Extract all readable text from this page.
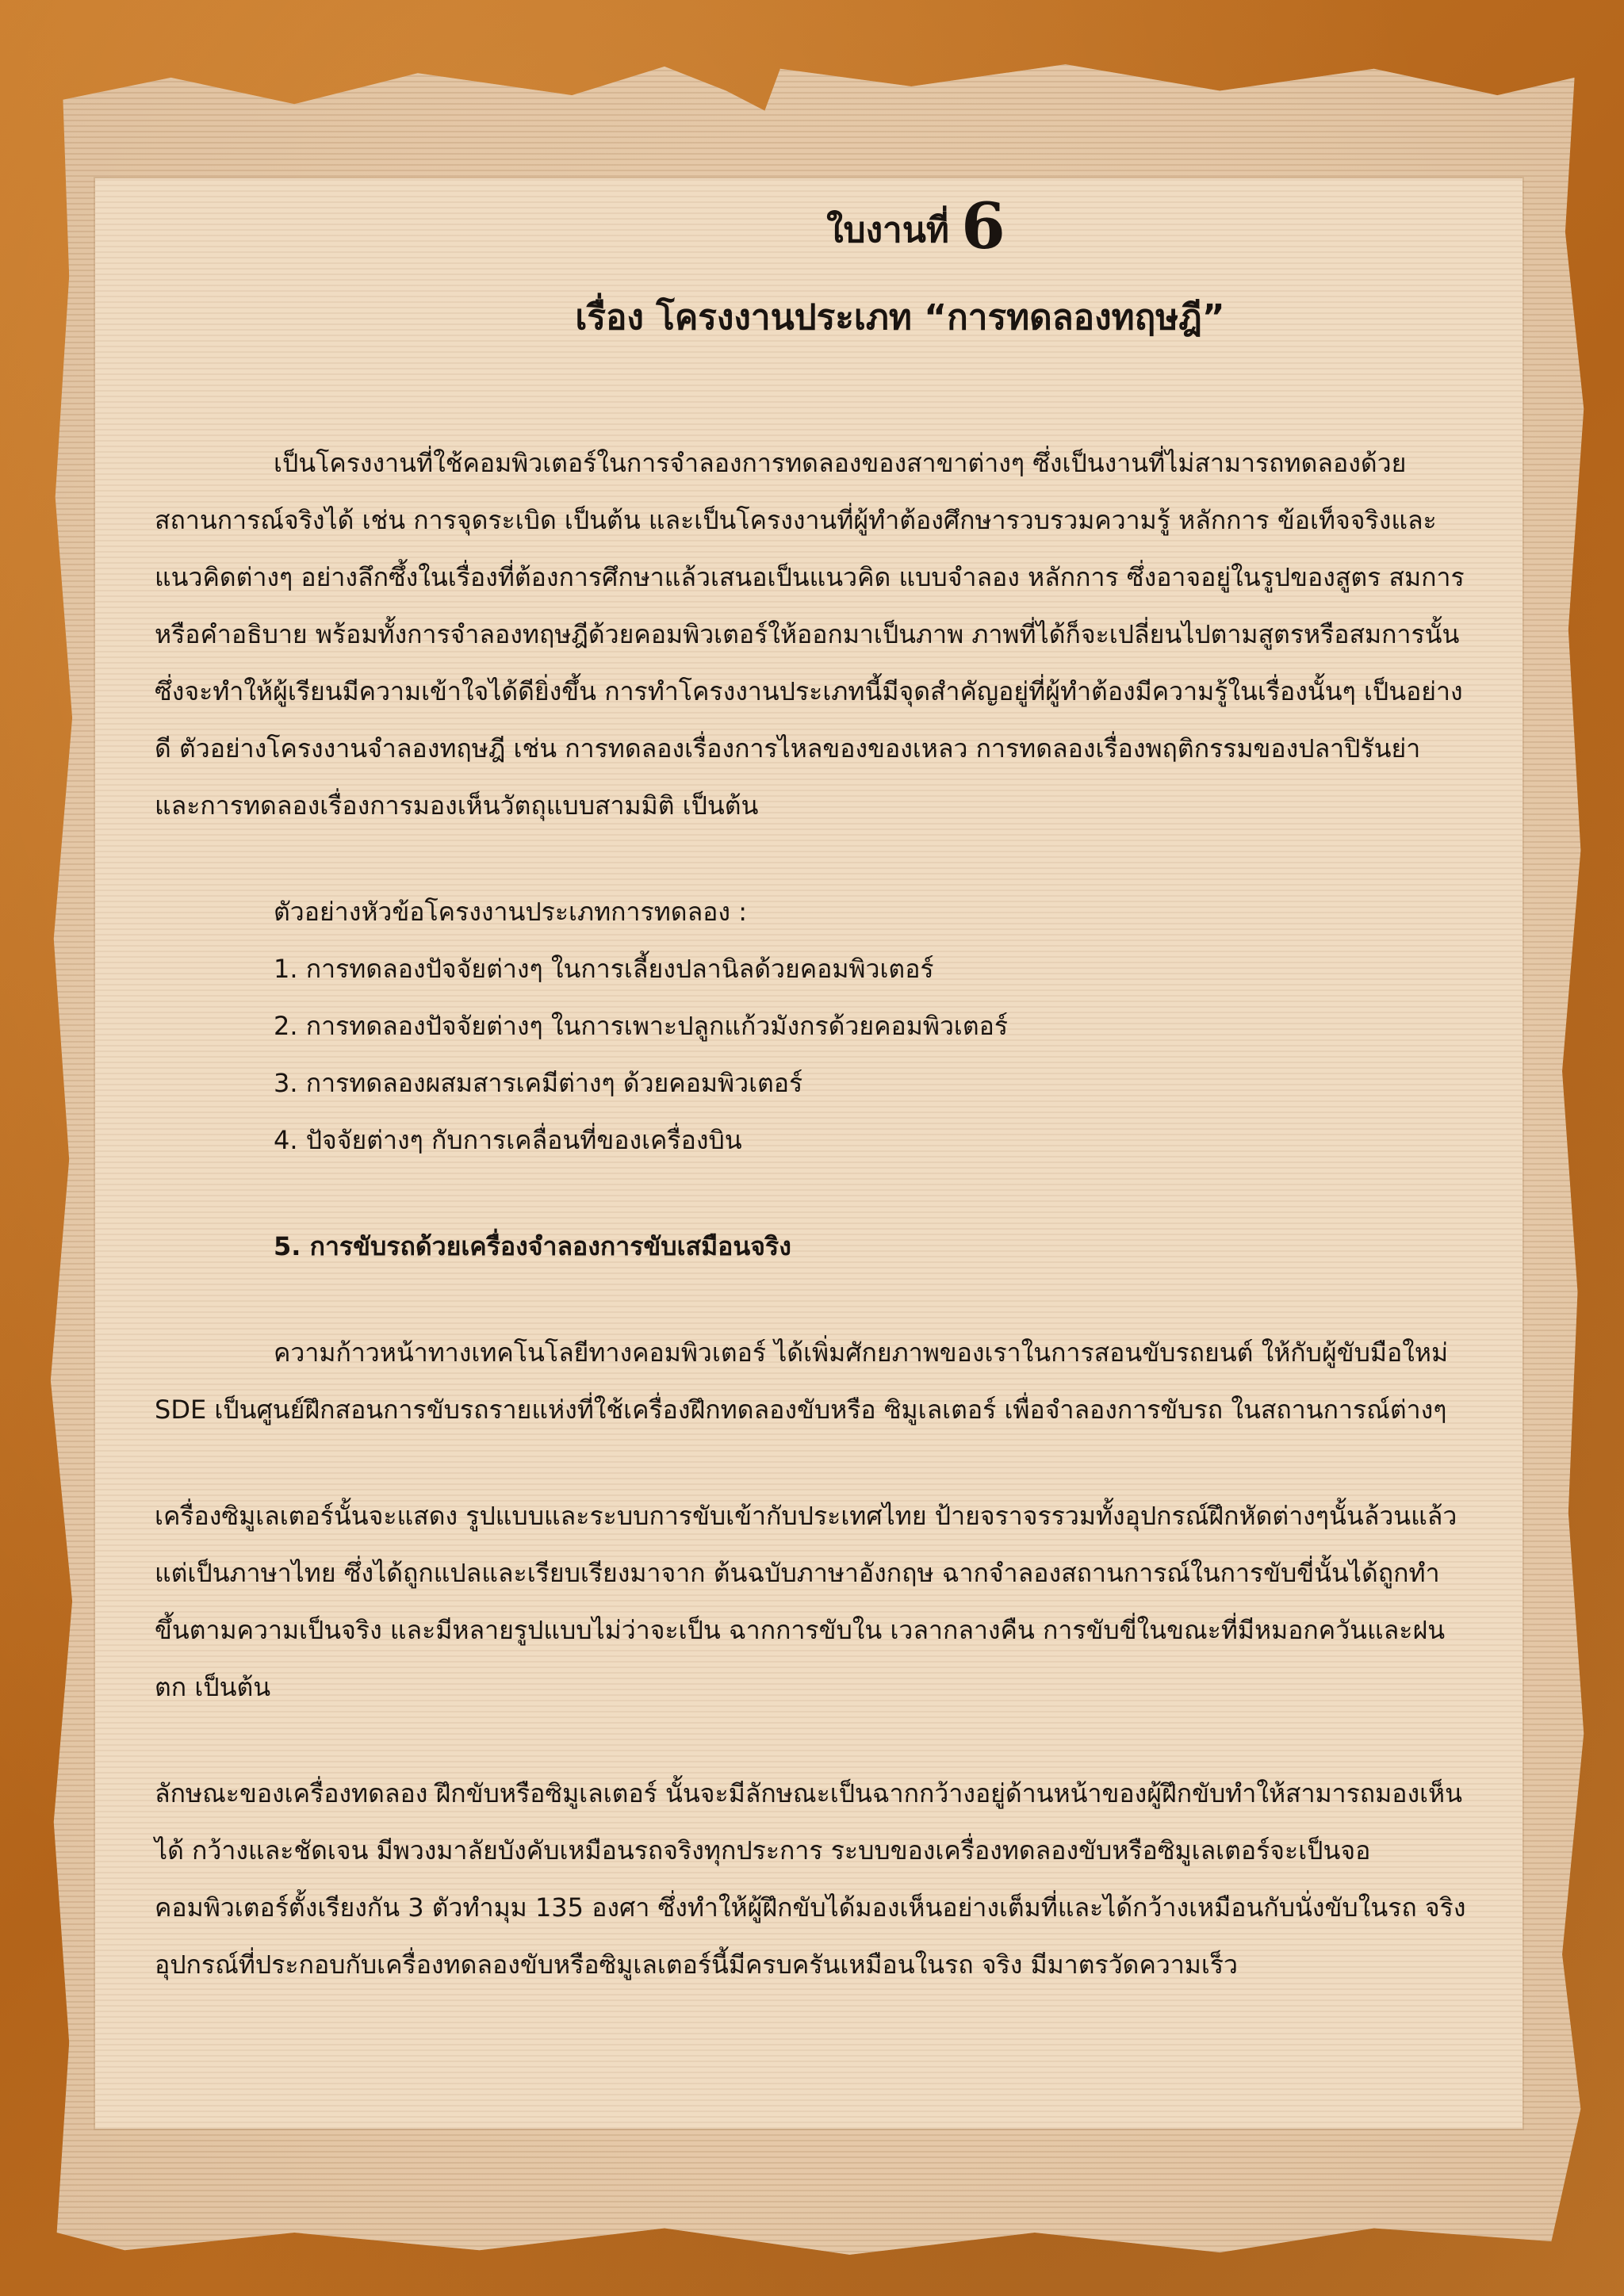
ใบงานที่ 6
เรื่อง โครงงานประเภท “การทดลองทฤษฎี”

เป็นโครงงานที่ใช้คอมพิวเตอร์ในการจำลองการทดลองของสาขาต่างๆ ซึ่งเป็นงานที่ไม่สามารถทดลองด้วยสถานการณ์จริงได้ เช่น การจุดระเบิด เป็นต้น และเป็นโครงงานที่ผู้ทำต้องศึกษารวบรวมความรู้ หลักการ ข้อเท็จจริงและแนวคิดต่างๆ อย่างลึกซึ้งในเรื่องที่ต้องการศึกษาแล้วเสนอเป็นแนวคิด แบบจำลอง หลักการ ซึ่งอาจอยู่ในรูปของสูตร สมการ หรือคำอธิบาย พร้อมทั้งการจำลองทฤษฎีด้วยคอมพิวเตอร์ให้ออกมาเป็นภาพ ภาพที่ได้ก็จะเปลี่ยนไปตามสูตรหรือสมการนั้น ซึ่งจะทำให้ผู้เรียนมีความเข้าใจได้ดียิ่งขึ้น การทำโครงงานประเภทนี้มีจุดสำคัญอยู่ที่ผู้ทำต้องมีความรู้ในเรื่องนั้นๆ เป็นอย่างดี ตัวอย่างโครงงานจำลองทฤษฎี เช่น การทดลองเรื่องการไหลของของเหลว การทดลองเรื่องพฤติกรรมของปลาปิรันย่า และการทดลองเรื่องการมองเห็นวัตถุแบบสามมิติ เป็นต้น

ตัวอย่างหัวข้อโครงงานประเภทการทดลอง :

1. การทดลองปัจจัยต่างๆ ในการเลี้ยงปลานิลด้วยคอมพิวเตอร์

2. การทดลองปัจจัยต่างๆ ในการเพาะปลูกแก้วมังกรด้วยคอมพิวเตอร์

3. การทดลองผสมสารเคมีต่างๆ ด้วยคอมพิวเตอร์

4. ปัจจัยต่างๆ กับการเคลื่อนที่ของเครื่องบิน

5. การขับรถด้วยเครื่องจำลองการขับเสมือนจริง

ความก้าวหน้าทางเทคโนโลยีทางคอมพิวเตอร์ ได้เพิ่มศักยภาพของเราในการสอนขับรถยนต์ ให้กับผู้ขับมือใหม่ SDE เป็นศูนย์ฝึกสอนการขับรถรายแห่งที่ใช้เครื่องฝึกทดลองขับหรือ ซิมูเลเตอร์ เพื่อจำลองการขับรถ ในสถานการณ์ต่างๆ

เครื่องซิมูเลเตอร์นั้นจะแสดง รูปแบบและระบบการขับเข้ากับประเทศไทย ป้ายจราจรรวมทั้งอุปกรณ์ฝึกหัดต่างๆนั้นล้วนแล้วแต่เป็นภาษาไทย ซึ่งได้ถูกแปลและเรียบเรียงมาจาก ต้นฉบับภาษาอังกฤษ ฉากจำลองสถานการณ์ในการขับขี่นั้นได้ถูกทำขึ้นตามความเป็นจริง และมีหลายรูปแบบไม่ว่าจะเป็น ฉากการขับใน เวลากลางคืน การขับขี่ในขณะที่มีหมอกควันและฝนตก เป็นต้น

ลักษณะของเครื่องทดลอง ฝึกขับหรือซิมูเลเตอร์ นั้นจะมีลักษณะเป็นฉากกว้างอยู่ด้านหน้าของผู้ฝึกขับทำให้สามารถมองเห็นได้ กว้างและชัดเจน มีพวงมาลัยบังคับเหมือนรถจริงทุกประการ ระบบของเครื่องทดลองขับหรือซิมูเลเตอร์จะเป็นจอคอมพิวเตอร์ตั้งเรียงกัน 3 ตัวทำมุม 135 องศา ซึ่งทำให้ผู้ฝึกขับได้มองเห็นอย่างเต็มที่และได้กว้างเหมือนกับนั่งขับในรถ จริง อุปกรณ์ที่ประกอบกับเครื่องทดลองขับหรือซิมูเลเตอร์นี้มีครบครันเหมือนในรถ จริง มีมาตรวัดความเร็ว
